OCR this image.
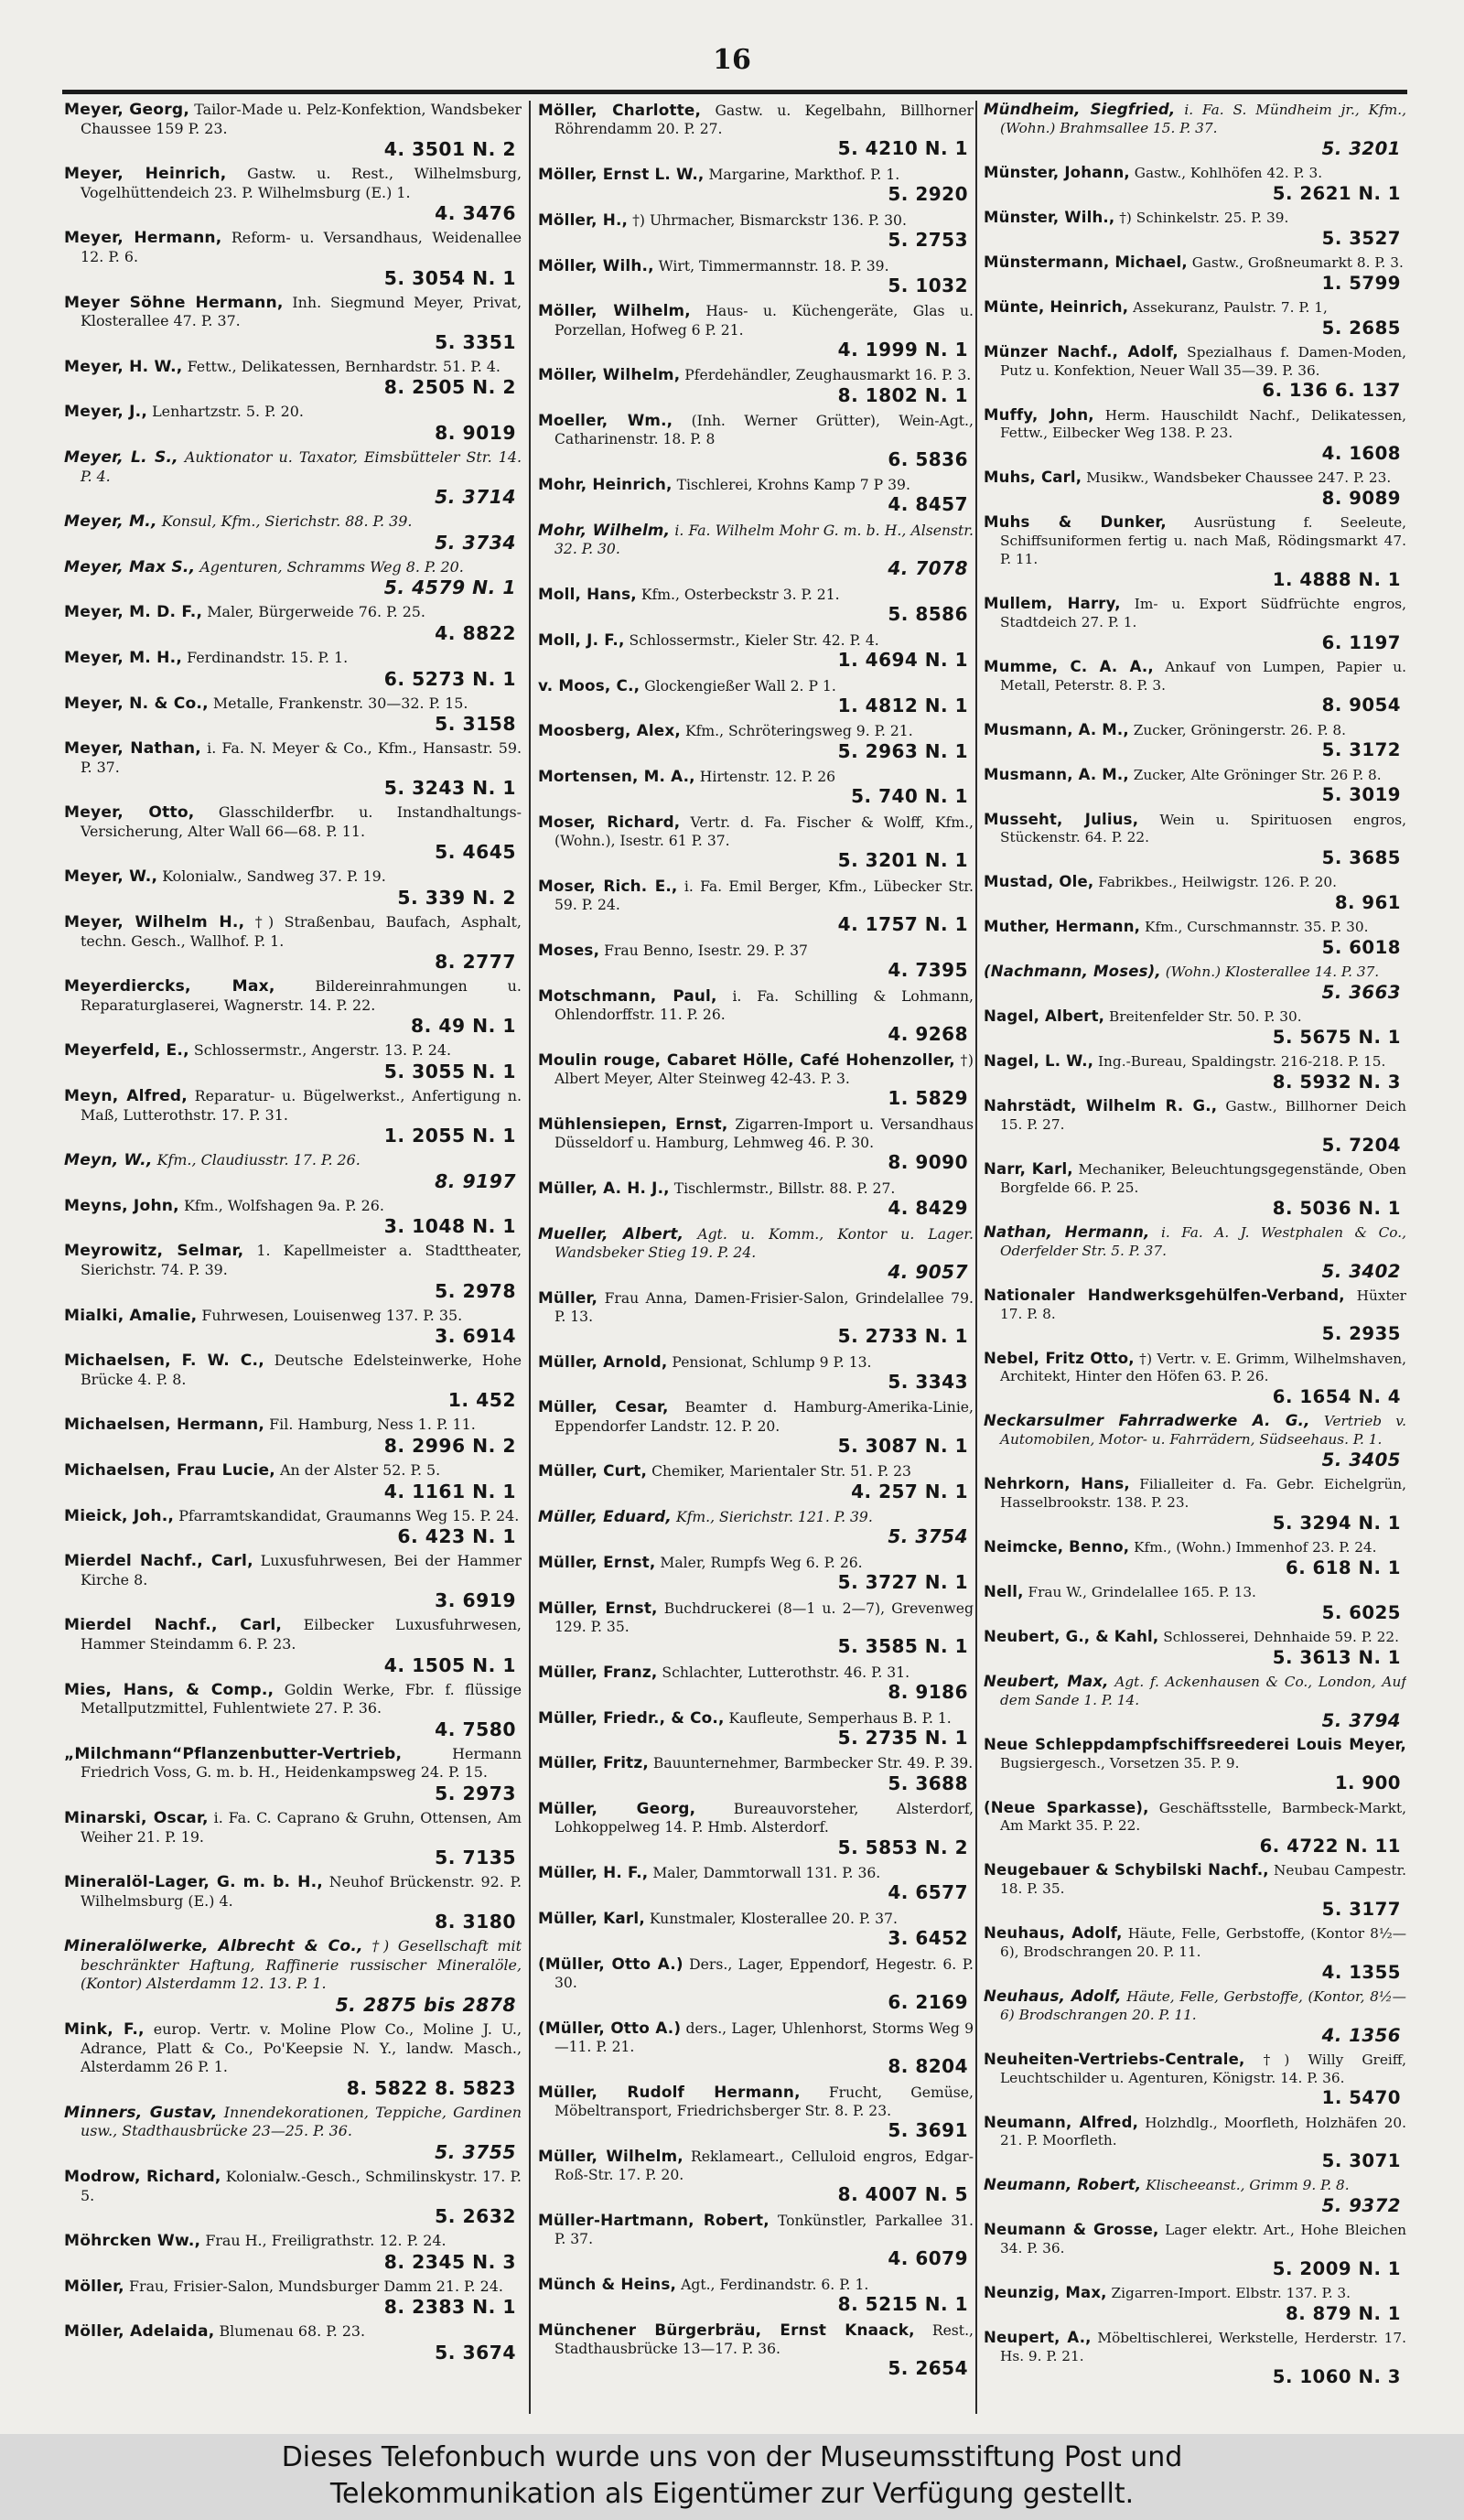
16
Meyer, Georg, Tailor-Made u. Pelz-Konfektion, Wandsbeker Chaussee 159 P. 23.
4. 3501 N. 2
Meyer, Heinrich, Gastw. u. Rest., Wilhelmsburg, Vogelhüttendeich 23. P. Wilhelmsburg (E.) 1.
4. 3476
Meyer, Hermann, Reform- u. Versandhaus, Weidenallee 12. P. 6.
5. 3054 N. 1
Meyer Söhne Hermann, Inh. Siegmund Meyer, Privat, Klosterallee 47. P. 37.
5. 3351
Meyer, H. W., Fettw., Delikatessen, Bernhardstr. 51. P. 4.
8. 2505 N. 2
Meyer, J., Lenhartzstr. 5. P. 20.
8. 9019
Meyer, L. S., Auktionator u. Taxator, Eimsbütteler Str. 14. P. 4.
5. 3714
Meyer, M., Konsul, Kfm., Sierichstr. 88. P. 39.
5. 3734
Meyer, Max S., Agenturen, Schramms Weg 8. P. 20.
5. 4579 N. 1
Meyer, M. D. F., Maler, Bürgerweide 76. P. 25.
4. 8822
Meyer, M. H., Ferdinandstr. 15. P. 1.
6. 5273 N. 1
Meyer, N. & Co., Metalle, Frankenstr. 30—32. P. 15.
5. 3158
Meyer, Nathan, i. Fa. N. Meyer & Co., Kfm., Hansastr. 59. P. 37.
5. 3243 N. 1
Meyer, Otto, Glasschilderfbr. u. Instandhaltungs-Versicherung, Alter Wall 66—68. P. 11.
5. 4645
Meyer, W., Kolonialw., Sandweg 37. P. 19.
5. 339 N. 2
Meyer, Wilhelm H., †) Straßenbau, Baufach, Asphalt, techn. Gesch., Wallhof. P. 1.
8. 2777
Meyerdiercks, Max,	Bildereinrahmungen u. Reparaturglaserei, Wagnerstr. 14. P. 22.
8. 49 N. 1
Meyerfeld, E., Schlossermstr., Angerstr. 13. P. 24.
5. 3055 N. 1
Meyn, Alfred, Reparatur- u. Bügelwerkst., Anfertigung n. Maß, Lutterothstr. 17. P. 31.
1. 2055 N. 1
Meyn, W., Kfm., Claudiusstr. 17. P. 26.
8. 9197
Meyns, John, Kfm., Wolfshagen 9a. P. 26.
3. 1048 N. 1
Meyrowitz, Selmar, 1. Kapellmeister a. Stadttheater, Sierichstr. 74. P. 39.
5. 2978
Mialki, Amalie, Fuhrwesen, Louisenweg 137. P. 35.
3. 6914
Michaelsen, F. W. C., Deutsche Edelsteinwerke, Hohe Brücke 4. P. 8.
1. 452
Michaelsen, Hermann, Fil. Hamburg, Ness 1. P. 11.
8. 2996 N. 2
Michaelsen, Frau Lucie, An der Alster 52. P. 5.
4. 1161 N. 1
Mieick, Joh., Pfarramtskandidat, Graumanns Weg 15. P. 24.
6. 423 N. 1
Mierdel Nachf., Carl, Luxusfuhrwesen, Bei der Hammer Kirche 8.
3. 6919
Mierdel Nachf., Carl, Eilbecker Luxusfuhrwesen, Hammer Steindamm 6. P. 23.
4. 1505 N. 1
Mies, Hans, & Comp., Goldin Werke, Fbr. f. flüssige Metallputzmittel, Fuhlentwiete 27. P. 36.
4. 7580
„Milchmann“Pflanzenbutter-Vertrieb,	Hermann Friedrich Voss, G. m. b. H., Heidenkampsweg 24. P. 15.
5. 2973
Minarski, Oscar, i. Fa. C. Caprano & Gruhn, Ottensen, Am Weiher 21. P. 19.
5. 7135
Mineralöl-Lager, G. m. b. H., Neuhof Brückenstr. 92. P. Wilhelmsburg (E.) 4.
8. 3180
Mineralölwerke, Albrecht & Co., †) Gesellschaft mit beschränkter Haftung, Raffinerie russischer Mineralöle, (Kontor) Alsterdamm 12. 13. P. 1.
5. 2875 bis 2878
Mink, F., europ. Vertr. v. Moline Plow Co., Moline J. U., Adrance, Platt & Co., Po'Keepsie N. Y., landw. Masch., Alsterdamm 26 P. 1.
8. 5822 8. 5823
Minners, Gustav, Innendekorationen, Teppiche, Gardinen usw., Stadthausbrücke 23—25. P. 36.
5. 3755
Modrow, Richard, Kolonialw.-Gesch., Schmilinskystr. 17. P. 5.
5. 2632
Möhrcken Ww., Frau H., Freiligrathstr. 12. P. 24.
8. 2345 N. 3
Möller, Frau, Frisier-Salon, Mundsburger Damm 21. P. 24.
8. 2383 N. 1
Möller, Adelaida, Blumenau 68. P. 23.
5. 3674
Möller, Charlotte, Gastw. u. Kegelbahn, Billhorner Röhrendamm 20. P. 27.
5. 4210 N. 1
Möller, Ernst L. W., Margarine, Markthof. P. 1.
5. 2920
Möller, H., †) Uhrmacher, Bismarckstr 136. P. 30.
5. 2753
Möller, Wilh., Wirt, Timmermannstr. 18. P. 39.
5. 1032
Möller, Wilhelm, Haus- u. Küchengeräte, Glas u. Porzellan, Hofweg 6 P. 21.
4. 1999 N. 1
Möller, Wilhelm, Pferdehändler, Zeughausmarkt 16. P. 3.
8. 1802 N. 1
Moeller, Wm., (Inh. Werner Grütter), Wein-Agt., Catharinenstr. 18. P. 8
6. 5836
Mohr, Heinrich, Tischlerei, Krohns Kamp 7 P 39.
4. 8457
Mohr, Wilhelm, i. Fa. Wilhelm Mohr G. m. b. H., Alsenstr. 32. P. 30.
4. 7078
Moll, Hans, Kfm., Osterbeckstr 3. P. 21.
5. 8586
Moll, J. F., Schlossermstr., Kieler Str. 42. P. 4.
1. 4694 N. 1
v. Moos, C., Glockengießer Wall 2. P 1.
1. 4812 N. 1
Moosberg, Alex, Kfm., Schröteringsweg 9. P. 21.
5. 2963 N. 1
Mortensen, M. A., Hirtenstr. 12. P. 26
5. 740 N. 1
Moser, Richard, Vertr. d. Fa. Fischer & Wolff, Kfm., (Wohn.), Isestr. 61 P. 37.
5. 3201 N. 1
Moser, Rich. E., i. Fa. Emil Berger, Kfm., Lübecker Str. 59. P. 24.
4. 1757 N. 1
Moses, Frau Benno, Isestr. 29. P. 37
4. 7395
Motschmann, Paul, i. Fa. Schilling & Lohmann, Ohlendorffstr. 11. P. 26.
4. 9268
Moulin rouge, Cabaret Hölle, Café Hohenzoller, †) Albert Meyer, Alter Steinweg 42-43. P. 3.
1. 5829
Mühlensiepen, Ernst, Zigarren-Import u. Versandhaus Düsseldorf u. Hamburg, Lehmweg 46. P. 30.
8. 9090
Müller, A. H. J., Tischlermstr., Billstr. 88. P. 27.
4. 8429
Mueller, Albert, Agt. u. Komm., Kontor u. Lager. Wandsbeker Stieg 19. P. 24.
4. 9057
Müller, Frau Anna, Damen-Frisier-Salon, Grindelallee 79. P. 13.
5. 2733 N. 1
Müller, Arnold, Pensionat, Schlump 9 P. 13.
5. 3343
Müller, Cesar, Beamter d. Hamburg-Amerika-Linie, Eppendorfer Landstr. 12. P. 20.
5. 3087 N. 1
Müller, Curt, Chemiker, Marientaler Str. 51. P. 23
4. 257 N. 1
Müller, Eduard, Kfm., Sierichstr. 121. P. 39.
5. 3754
Müller, Ernst, Maler, Rumpfs Weg 6. P. 26.
5. 3727 N. 1
Müller, Ernst, Buchdruckerei (8—1 u. 2—7), Grevenweg 129. P. 35.
5. 3585 N. 1
Müller, Franz, Schlachter, Lutterothstr. 46. P. 31.
8. 9186
Müller, Friedr., & Co., Kaufleute, Semperhaus B. P. 1.
5. 2735 N. 1
Müller, Fritz, Bauunternehmer, Barmbecker Str. 49. P. 39.
5. 3688
Müller, Georg,	Bureauvorsteher, Alsterdorf, Lohkoppelweg 14. P. Hmb. Alsterdorf.
5. 5853 N. 2
Müller, H. F., Maler, Dammtorwall 131. P. 36.
4. 6577
Müller, Karl, Kunstmaler, Klosterallee 20. P. 37.
3. 6452
(Müller, Otto A.) Ders., Lager, Eppendorf, Hegestr. 6. P. 30.
6. 2169
(Müller, Otto A.) ders., Lager, Uhlenhorst, Storms Weg 9—11. P. 21.
8. 8204
Müller, Rudolf Hermann, Frucht, Gemüse, Möbeltransport, Friedrichsberger Str. 8. P. 23.
5. 3691
Müller, Wilhelm, Reklameart., Celluloid engros, Edgar-Roß-Str. 17. P. 20.
8. 4007 N. 5
Müller-Hartmann, Robert, Tonkünstler, Parkallee 31. P. 37.
4. 6079
Münch & Heins, Agt., Ferdinandstr. 6. P. 1.
8. 5215 N. 1
Münchener Bürgerbräu, Ernst Knaack, Rest., Stadthausbrücke 13—17. P. 36.
5. 2654
Mündheim, Siegfried, i. Fa. S. Mündheim jr., Kfm., (Wohn.) Brahmsallee 15. P. 37.
5. 3201
Münster, Johann, Gastw., Kohlhöfen 42. P. 3.
5. 2621 N. 1
Münster, Wilh., †) Schinkelstr. 25. P. 39.
5. 3527
Münstermann, Michael, Gastw., Großneumarkt 8. P. 3.
1. 5799
Münte, Heinrich, Assekuranz, Paulstr. 7. P. 1,
5. 2685
Münzer Nachf., Adolf, Spezialhaus f. Damen-Moden, Putz u. Konfektion, Neuer Wall 35—39. P. 36.
6. 136 6. 137
Muffy, John, Herm. Hauschildt Nachf., Delikatessen, Fettw., Eilbecker Weg 138. P. 23.
4. 1608
Muhs, Carl, Musikw., Wandsbeker Chaussee 247. P. 23.
8. 9089
Muhs & Dunker, Ausrüstung f. Seeleute, Schiffsuniformen fertig u. nach Maß, Rödingsmarkt 47. P. 11.
1. 4888 N. 1
Mullem, Harry, Im- u. Export Südfrüchte engros, Stadtdeich 27. P. 1.
6. 1197
Mumme, C. A. A., Ankauf von Lumpen, Papier u. Metall, Peterstr. 8. P. 3.
8. 9054
Musmann, A. M., Zucker, Gröningerstr. 26. P. 8.
5. 3172
Musmann, A. M., Zucker, Alte Gröninger Str. 26 P. 8.
5. 3019
Musseht, Julius, Wein u. Spirituosen engros, Stückenstr. 64. P. 22.
5. 3685
Mustad, Ole, Fabrikbes., Heilwigstr. 126. P. 20.
8. 961
Muther, Hermann, Kfm., Curschmannstr. 35. P. 30.
5. 6018
(Nachmann, Moses), (Wohn.) Klosterallee 14. P. 37.
5. 3663
Nagel, Albert, Breitenfelder Str. 50. P. 30.
5. 5675 N. 1
Nagel, L. W., Ing.-Bureau, Spaldingstr. 216-218. P. 15.
8. 5932 N. 3
Nahrstädt, Wilhelm R. G., Gastw., Billhorner Deich 15. P. 27.
5. 7204
Narr, Karl, Mechaniker, Beleuchtungsgegenstände, Oben Borgfelde 66. P. 25.
8. 5036 N. 1
Nathan, Hermann, i. Fa. A. J. Westphalen & Co., Oderfelder Str. 5. P. 37.
5. 3402
Nationaler Handwerksgehülfen-Verband, Hüxter 17. P. 8.
5. 2935
Nebel, Fritz Otto, †) Vertr. v. E. Grimm, Wilhelmshaven, Architekt, Hinter den Höfen 63. P. 26.
6. 1654 N. 4
Neckarsulmer Fahrradwerke A. G., Vertrieb v. Automobilen, Motor- u. Fahrrädern, Südseehaus. P. 1.
5. 3405
Nehrkorn, Hans, Filialleiter d. Fa. Gebr. Eichelgrün, Hasselbrookstr. 138. P. 23.
5. 3294 N. 1
Neimcke, Benno, Kfm., (Wohn.) Immenhof 23. P. 24.
6. 618 N. 1
Nell, Frau W., Grindelallee 165. P. 13.
5. 6025
Neubert, G., & Kahl, Schlosserei, Dehnhaide 59. P. 22.
5. 3613 N. 1
Neubert, Max, Agt. f. Ackenhausen & Co., London, Auf dem Sande 1. P. 14.
5. 3794
Neue Schleppdampfschiffsreederei Louis Meyer, Bugsiergesch., Vorsetzen 35. P. 9.
1. 900
(Neue Sparkasse), Geschäftsstelle, Barmbeck-Markt, Am Markt 35. P. 22.
6. 4722 N. 11
Neugebauer & Schybilski Nachf., Neubau Campestr. 18. P. 35.
5. 3177
Neuhaus, Adolf, Häute, Felle, Gerbstoffe, (Kontor 8½—6), Brodschrangen 20. P. 11.
4. 1355
Neuhaus, Adolf, Häute, Felle, Gerbstoffe, (Kontor, 8½—6) Brodschrangen 20. P. 11.
4. 1356
Neuheiten-Vertriebs-Centrale, †) Willy Greiff, Leuchtschilder u. Agenturen, Königstr. 14. P. 36.
1. 5470
Neumann, Alfred, Holzhdlg., Moorfleth, Holzhäfen 20. 21. P. Moorfleth.
5. 3071
Neumann, Robert, Klischeeanst., Grimm 9. P. 8.
5. 9372
Neumann & Grosse, Lager elektr. Art., Hohe Bleichen 34. P. 36.
5. 2009 N. 1
Neunzig, Max, Zigarren-Import. Elbstr. 137. P. 3.
8. 879 N. 1
Neupert, A., Möbeltischlerei, Werkstelle, Herderstr. 17. Hs. 9. P. 21.
5. 1060 N. 3
Dieses Telefonbuch wurde uns von der Museumsstiftung Post und
Telekommunikation als Eigentümer zur Verfügung gestellt.
